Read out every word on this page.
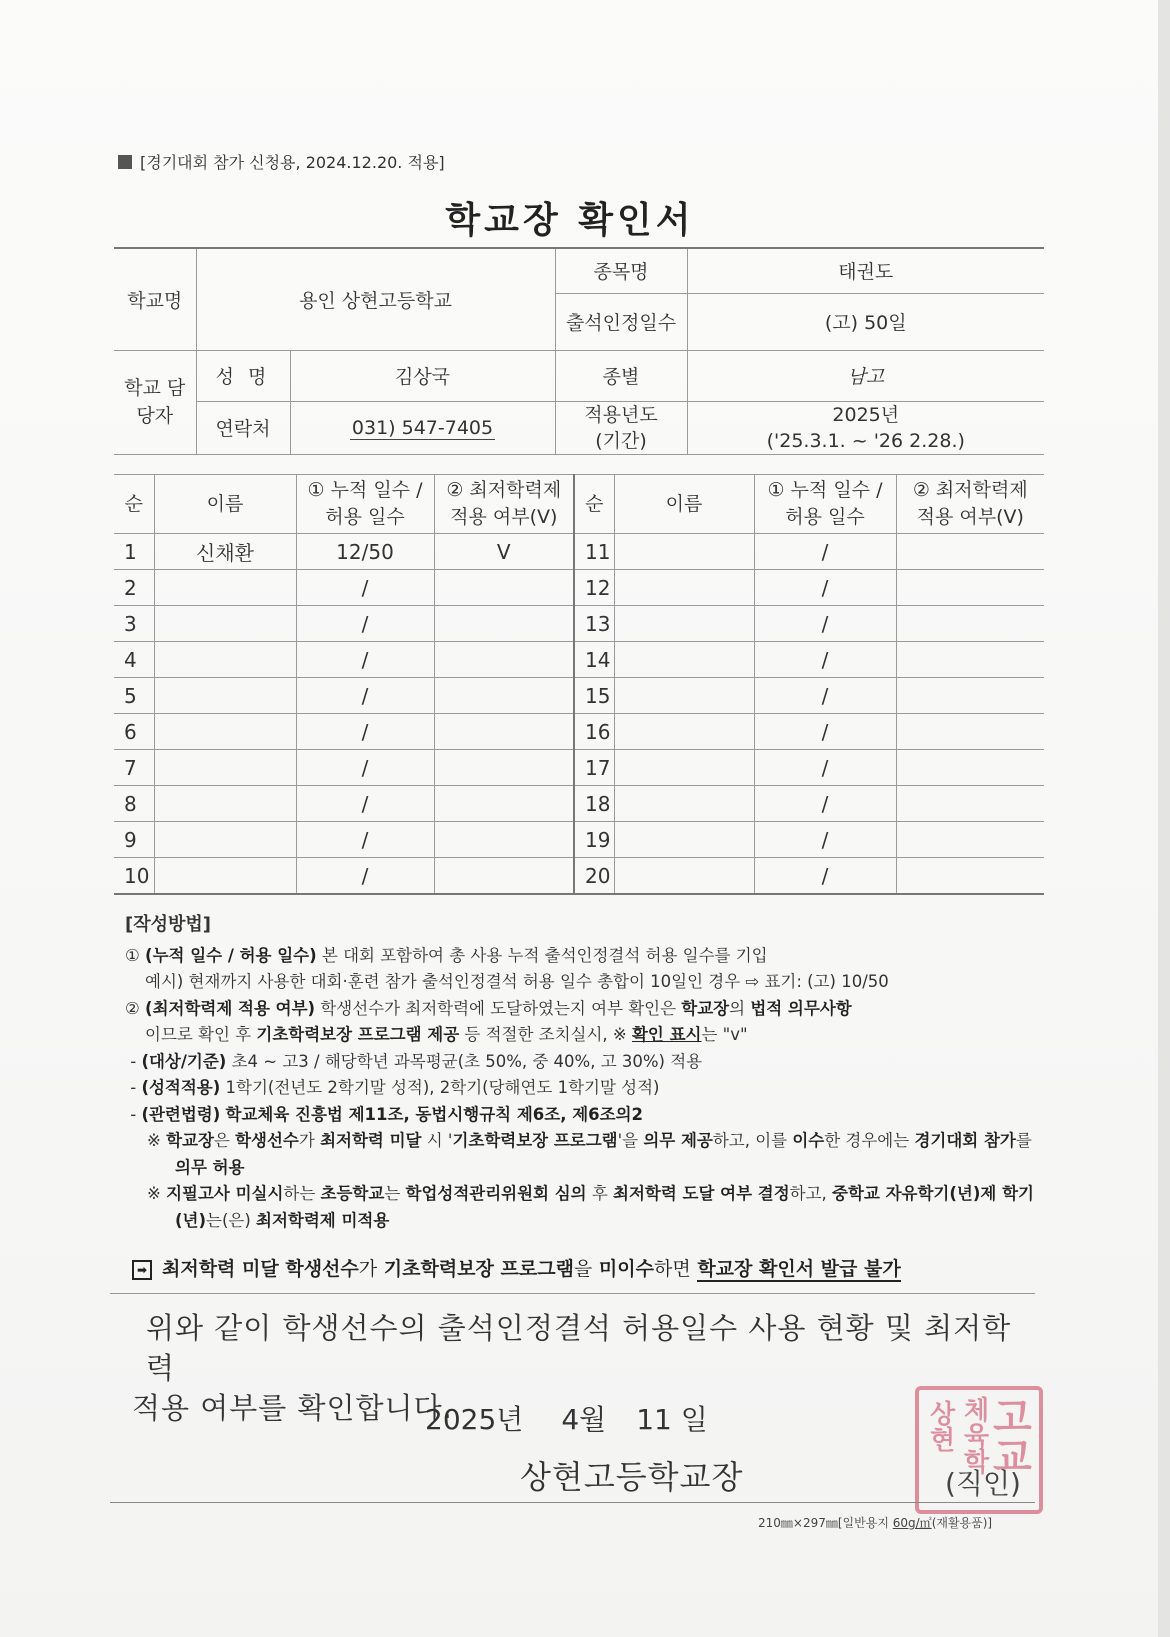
[경기대회 참가 신청용, 2024.12.20. 적용]
학교장 확인서
학교명	용인 상현고등학교		종목명	태권도
			출석인정일수	(고) 50일
학교 담당자	성 명	김상국	종별	남고
	연락처	031) 547-7405	적용년도 (기간)	2025년
('25.3.1. ~ '26 2.28.)
순	이름	① 누적 일수 / 허용 일수	② 최저학력제 적용 여부(V)	순	이름	① 누적 일수 / 허용 일수	② 최저학력제 적용 여부(V)
1	신채환	12/50	V	11		/	
2		/		12		/	
3		/		13		/	
4		/		14		/	
5		/		15		/	
6		/		16		/	
7		/		17		/	
8		/		18		/	
9		/		19		/	
10		/		20		/	
[작성방법]

① (누적 일수 / 허용 일수) 본 대회 포함하여 총 사용 누적 출석인정결석 허용 일수를 기입

예시) 현재까지 사용한 대회·훈련 참가 출석인정결석 허용 일수 총합이 10일인 경우 ⇨ 표기: (고) 10/50

② (최저학력제 적용 여부) 학생선수가 최저학력에 도달하였는지 여부 확인은 학교장의 법적 의무사항

이므로 확인 후 기초학력보장 프로그램 제공 등 적절한 조치실시, ※ 확인 표시는 "v"

- (대상/기준) 초4 ~ 고3 / 해당학년 과목평균(초 50%, 중 40%, 고 30%) 적용

- (성적적용) 1학기(전년도 2학기말 성적), 2학기(당해연도 1학기말 성적)

- (관련법령) 학교체육 진흥법 제11조, 동법시행규칙 제6조, 제6조의2

※ 학교장은 학생선수가 최저학력 미달 시 '기초학력보장 프로그램'을 의무 제공하고, 이를 이수한 경우에는 경기대회 참가를 의무 허용

※ 지필고사 미실시하는 초등학교는 학업성적관리위원회 심의 후 최저학력 도달 여부 결정하고, 중학교 자유학기(년)제 학기(년)는(은) 최저학력제 미적용

➡ 최저학력 미달 학생선수가 기초학력보장 프로그램을 미이수하면 학교장 확인서 발급 불가

위와 같이 학생선수의 출석인정결석 허용일수 사용 현황 및 최저학력

적용 여부를 확인합니다.

2025년 4월 11 일	고교
체육학
상현
상현고등학교장	(직인)
210㎜×297㎜[일반용지 60g/㎡(재활용품)]
